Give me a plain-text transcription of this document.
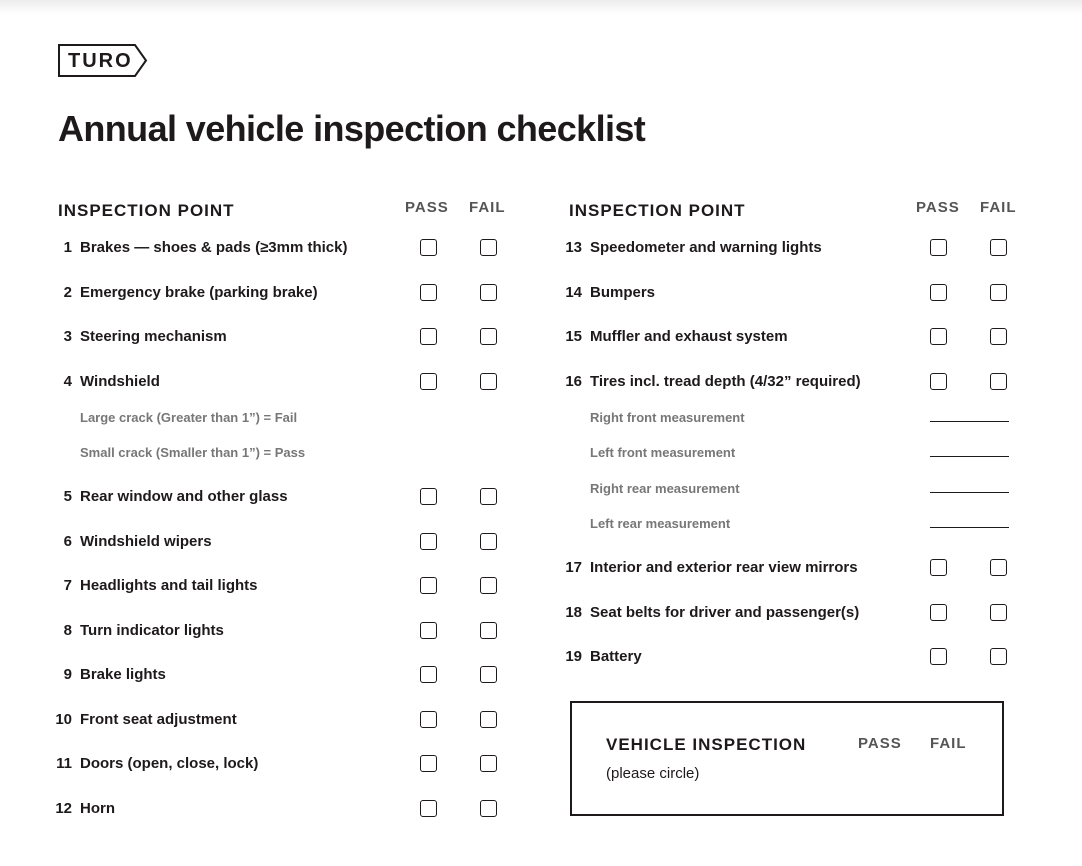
TURO
Annual vehicle inspection checklist
INSPECTION POINT	PASS FAIL
1 Brakes — shoes & pads (≥3mm thick)
2 Emergency brake (parking brake)
3 Steering mechanism
4 Windshield
Large crack (Greater than 1”) = Fail
Small crack (Smaller than 1”) = Pass
5 Rear window and other glass
6 Windshield wipers
7 Headlights and tail lights
8 Turn indicator lights
9 Brake lights
10 Front seat adjustment
11 Doors (open, close, lock)
12 Horn
INSPECTION POINT	PASS FAIL
13 Speedometer and warning lights
14 Bumpers
15 Muffler and exhaust system
16 Tires incl. tread depth (4/32” required)
Right front measurement
Left front measurement
Right rear measurement
Left rear measurement
17 Interior and exterior rear view mirrors
18 Seat belts for driver and passenger(s)
19 Battery
VEHICLE INSPECTION	PASS FAIL
(please circle)
